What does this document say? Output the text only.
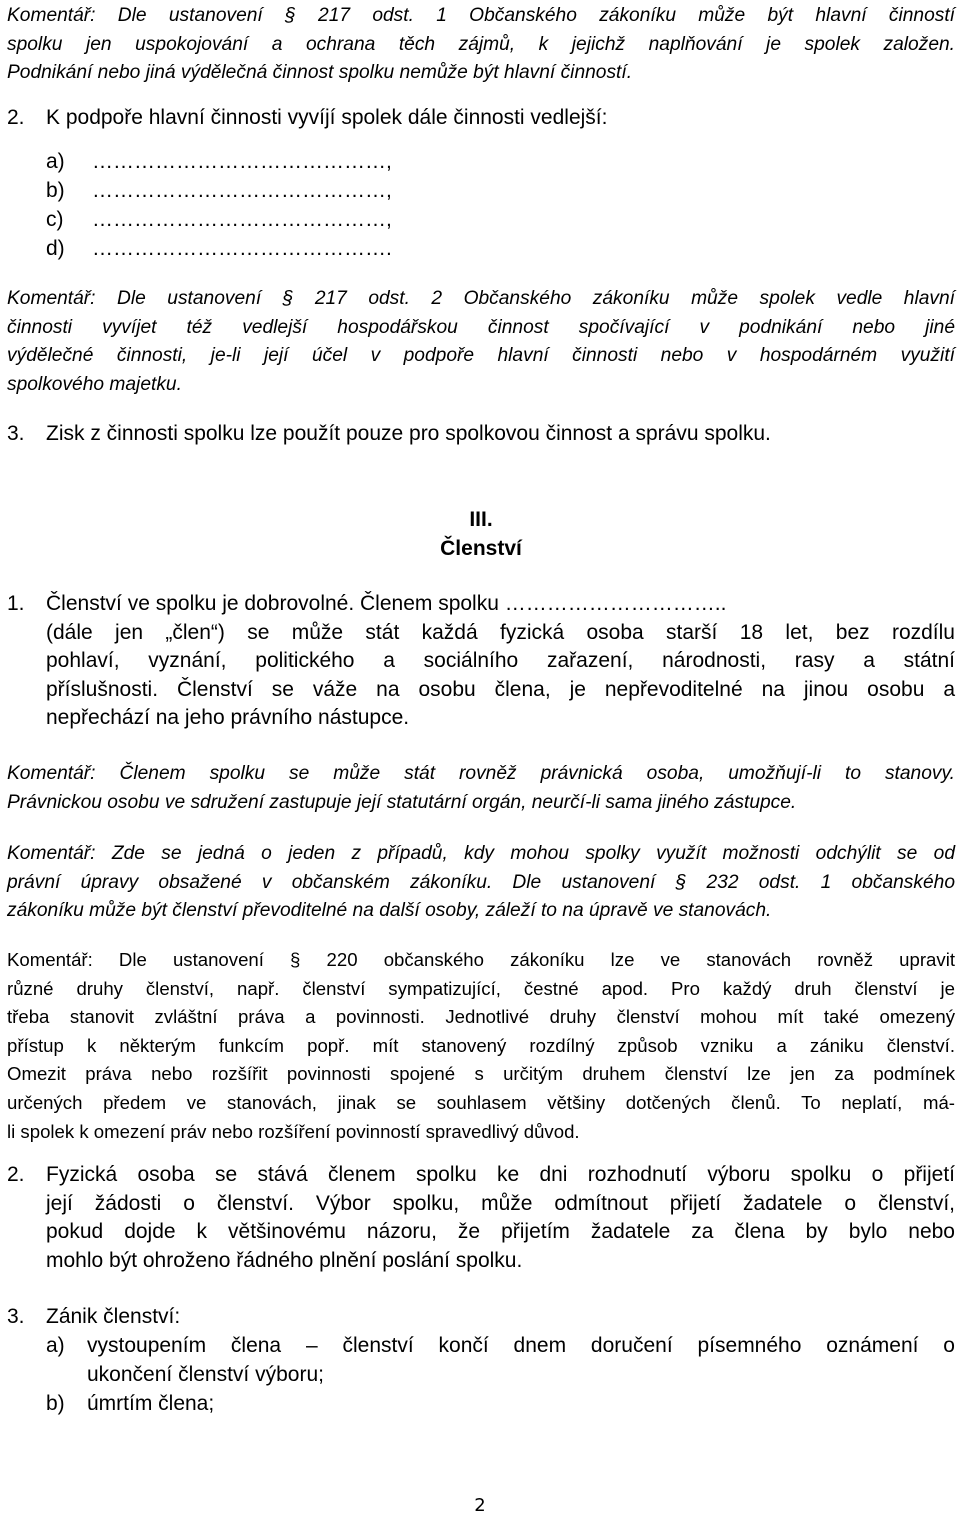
Komentář: Dle ustanovení § 217 odst. 1 Občanského zákoníku může být hlavní činností
spolku jen uspokojování a ochrana těch zájmů, k jejichž naplňování je spolek založen.
Podnikání nebo jiná výdělečná činnost spolku nemůže být hlavní činností.
2. K podpoře hlavní činnosti vyvíjí spolek dále činnosti vedlejší:
a) ……………………………………,
b) ……………………………………,
c) ……………………………………,
d) …………………………………….
Komentář: Dle ustanovení § 217 odst. 2 Občanského zákoníku může spolek vedle hlavní
činnosti vyvíjet též vedlejší hospodářskou činnost spočívající v podnikání nebo jiné
výdělečné činnosti, je-li její účel v podpoře hlavní činnosti nebo v hospodárném využití
spolkového majetku.
3. Zisk z činnosti spolku lze použít pouze pro spolkovou činnost a správu spolku.
III.
Členství
1. Členství ve spolku je dobrovolné. Členem spolku …………………………..
(dále jen „člen“) se může stát každá fyzická osoba starší 18 let, bez rozdílu
pohlaví, vyznání, politického a sociálního zařazení, národnosti, rasy a státní
příslušnosti. Členství se váže na osobu člena, je nepřevoditelné na jinou osobu a
nepřechází na jeho právního nástupce.
Komentář: Členem spolku se může stát rovněž právnická osoba, umožňují-li to stanovy.
Právnickou osobu ve sdružení zastupuje její statutární orgán, neurčí-li sama jiného zástupce.
Komentář: Zde se jedná o jeden z případů, kdy mohou spolky využít možnosti odchýlit se od
právní úpravy obsažené v občanském zákoníku. Dle ustanovení § 232 odst. 1 občanského
zákoníku může být členství převoditelné na další osoby, záleží to na úpravě ve stanovách.
Komentář: Dle ustanovení § 220 občanského zákoníku lze ve stanovách rovněž upravit
různé druhy členství, např. členství sympatizující, čestné apod. Pro každý druh členství je
třeba stanovit zvláštní práva a povinnosti. Jednotlivé druhy členství mohou mít také omezený
přístup k některým funkcím popř. mít stanovený rozdílný způsob vzniku a zániku členství.
Omezit práva nebo rozšířit povinnosti spojené s určitým druhem členství lze jen za podmínek
určených předem ve stanovách, jinak se souhlasem většiny dotčených členů. To neplatí, má-
li spolek k omezení práv nebo rozšíření povinností spravedlivý důvod.
2. Fyzická osoba se stává členem spolku ke dni rozhodnutí výboru spolku o přijetí
její žádosti o členství. Výbor spolku, může odmítnout přijetí žadatele o členství,
pokud dojde k většinovému názoru, že přijetím žadatele za člena by bylo nebo
mohlo být ohroženo řádného plnění poslání spolku.
3. Zánik členství:
a) vystoupením člena – členství končí dnem doručení písemného oznámení o
ukončení členství výboru;
b) úmrtím člena;
2
